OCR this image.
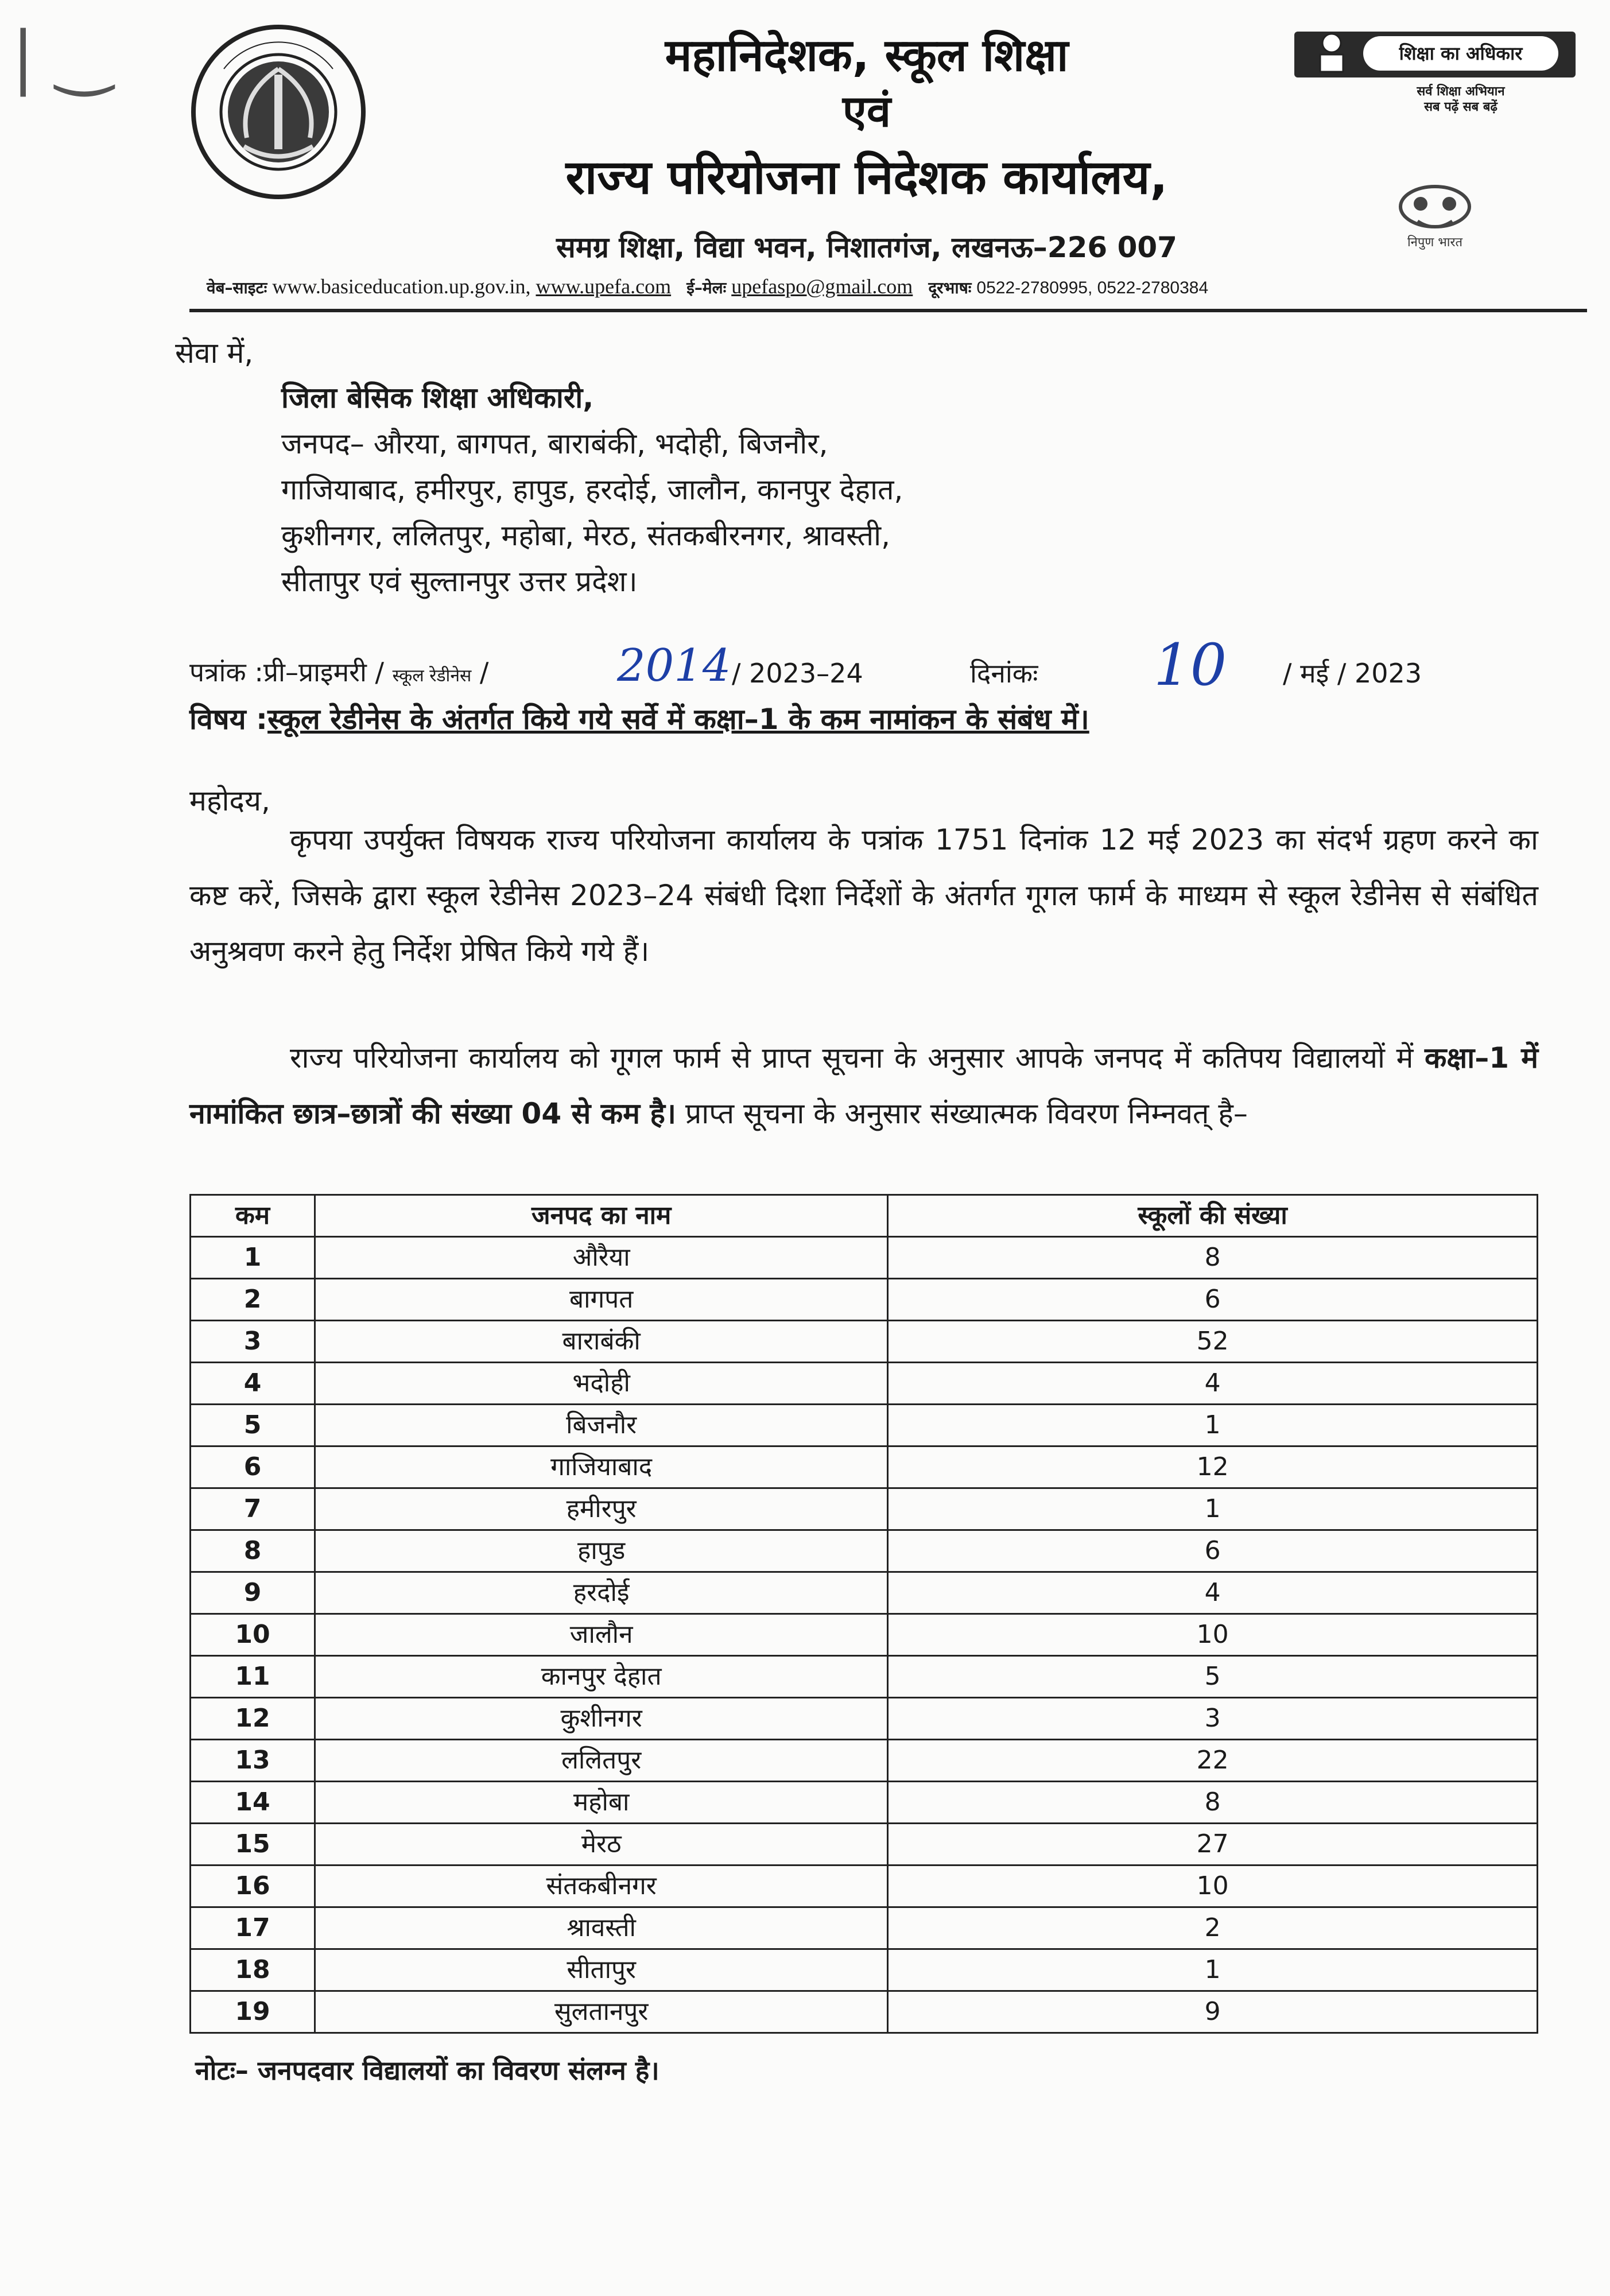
| ‿	महानिदेशक, स्कूल शिक्षा
एवं
राज्य परियोजना निदेशक कार्यालय,
समग्र शिक्षा, विद्या भवन, निशातगंज, लखनऊ–226 007
वेब–साइटः www.basiceducation.up.gov.in, www.upefa.com ई–मेलः upefaspo@gmail.com दूरभाषः 0522-2780995, 0522-2780384
शिक्षा का अधिकार
सर्व शिक्षा अभियान
सब पढ़ें सब बढ़ें
निपुण भारत
सेवा में,
जिला बेसिक शिक्षा अधिकारी,
जनपद– औरया, बागपत, बाराबंकी, भदोही, बिजनौर,
गाजियाबाद, हमीरपुर, हापुड, हरदोई, जालौन, कानपुर देहात,
कुशीनगर, ललितपुर, महोबा, मेरठ, संतकबीरनगर, श्रावस्ती,
सीतापुर एवं सुल्तानपुर उत्तर प्रदेश।
पत्रांक :प्री–प्राइमरी / स्कूल रेडीनेस /	2014 / 2023–24	दिनांकः 10 / मई / 2023
विषय :स्कूल रेडीनेस के अंतर्गत किये गये सर्वे में कक्षा–1 के कम नामांकन के संबंध में।
महोदय,
कृपया उपर्युक्त विषयक राज्य परियोजना कार्यालय के पत्रांक 1751 दिनांक 12 मई 2023 का संदर्भ ग्रहण करने का कष्ट करें, जिसके द्वारा स्कूल रेडीनेस 2023–24 संबंधी दिशा निर्देशों के अंतर्गत गूगल फार्म के माध्यम से स्कूल रेडीनेस से संबंधित अनुश्रवण करने हेतु निर्देश प्रेषित किये गये हैं।
राज्य परियोजना कार्यालय को गूगल फार्म से प्राप्त सूचना के अनुसार आपके जनपद में कतिपय विद्यालयों में कक्षा–1 में नामांकित छात्र–छात्रों की संख्या 04 से कम है। प्राप्त सूचना के अनुसार संख्यात्मक विवरण निम्नवत् है–
कम	जनपद का नाम	स्कूलों की संख्या
1	औरैया	8
2	बागपत	6
3	बाराबंकी	52
4	भदोही	4
5	बिजनौर	1
6	गाजियाबाद	12
7	हमीरपुर	1
8	हापुड	6
9	हरदोई	4
10	जालौन	10
11	कानपुर देहात	5
12	कुशीनगर	3
13	ललितपुर	22
14	महोबा	8
15	मेरठ	27
16	संतकबीनगर	10
17	श्रावस्ती	2
18	सीतापुर	1
19	सुलतानपुर	9
नोटः– जनपदवार विद्यालयों का विवरण संलग्न है।
